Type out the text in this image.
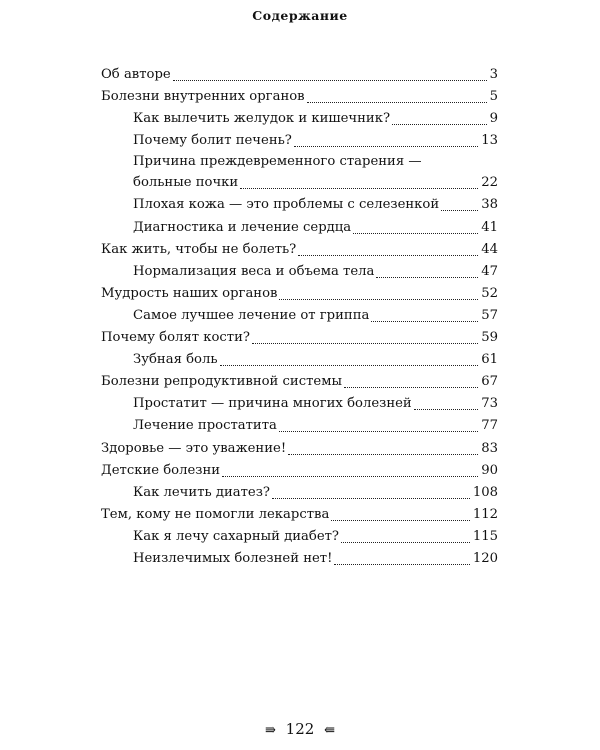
Содержание
Об авторе	3
Болезни внутренних органов	5
Как вылечить желудок и кишечник?	9
Почему болит печень?	13
Причина преждевременного старения —
больные почки	22
Плохая кожа — это проблемы с селезенкой	38
Диагностика и лечение сердца	41
Как жить, чтобы не болеть?	44
Нормализация веса и объема тела	47
Мудрость наших органов	52
Самое лучшее лечение от гриппа	57
Почему болят кости?	59
Зубная боль	61
Болезни репродуктивной системы	67
Простатит — причина многих болезней	73
Лечение простатита	77
Здоровье — это уважение!	83
Детские болезни	90
Как лечить диатез?	108
Тем, кому не помогли лекарства	112
Как я лечу сахарный диабет?	115
Неизлечимых болезней нет!	120
⇛ 122 ⇚
